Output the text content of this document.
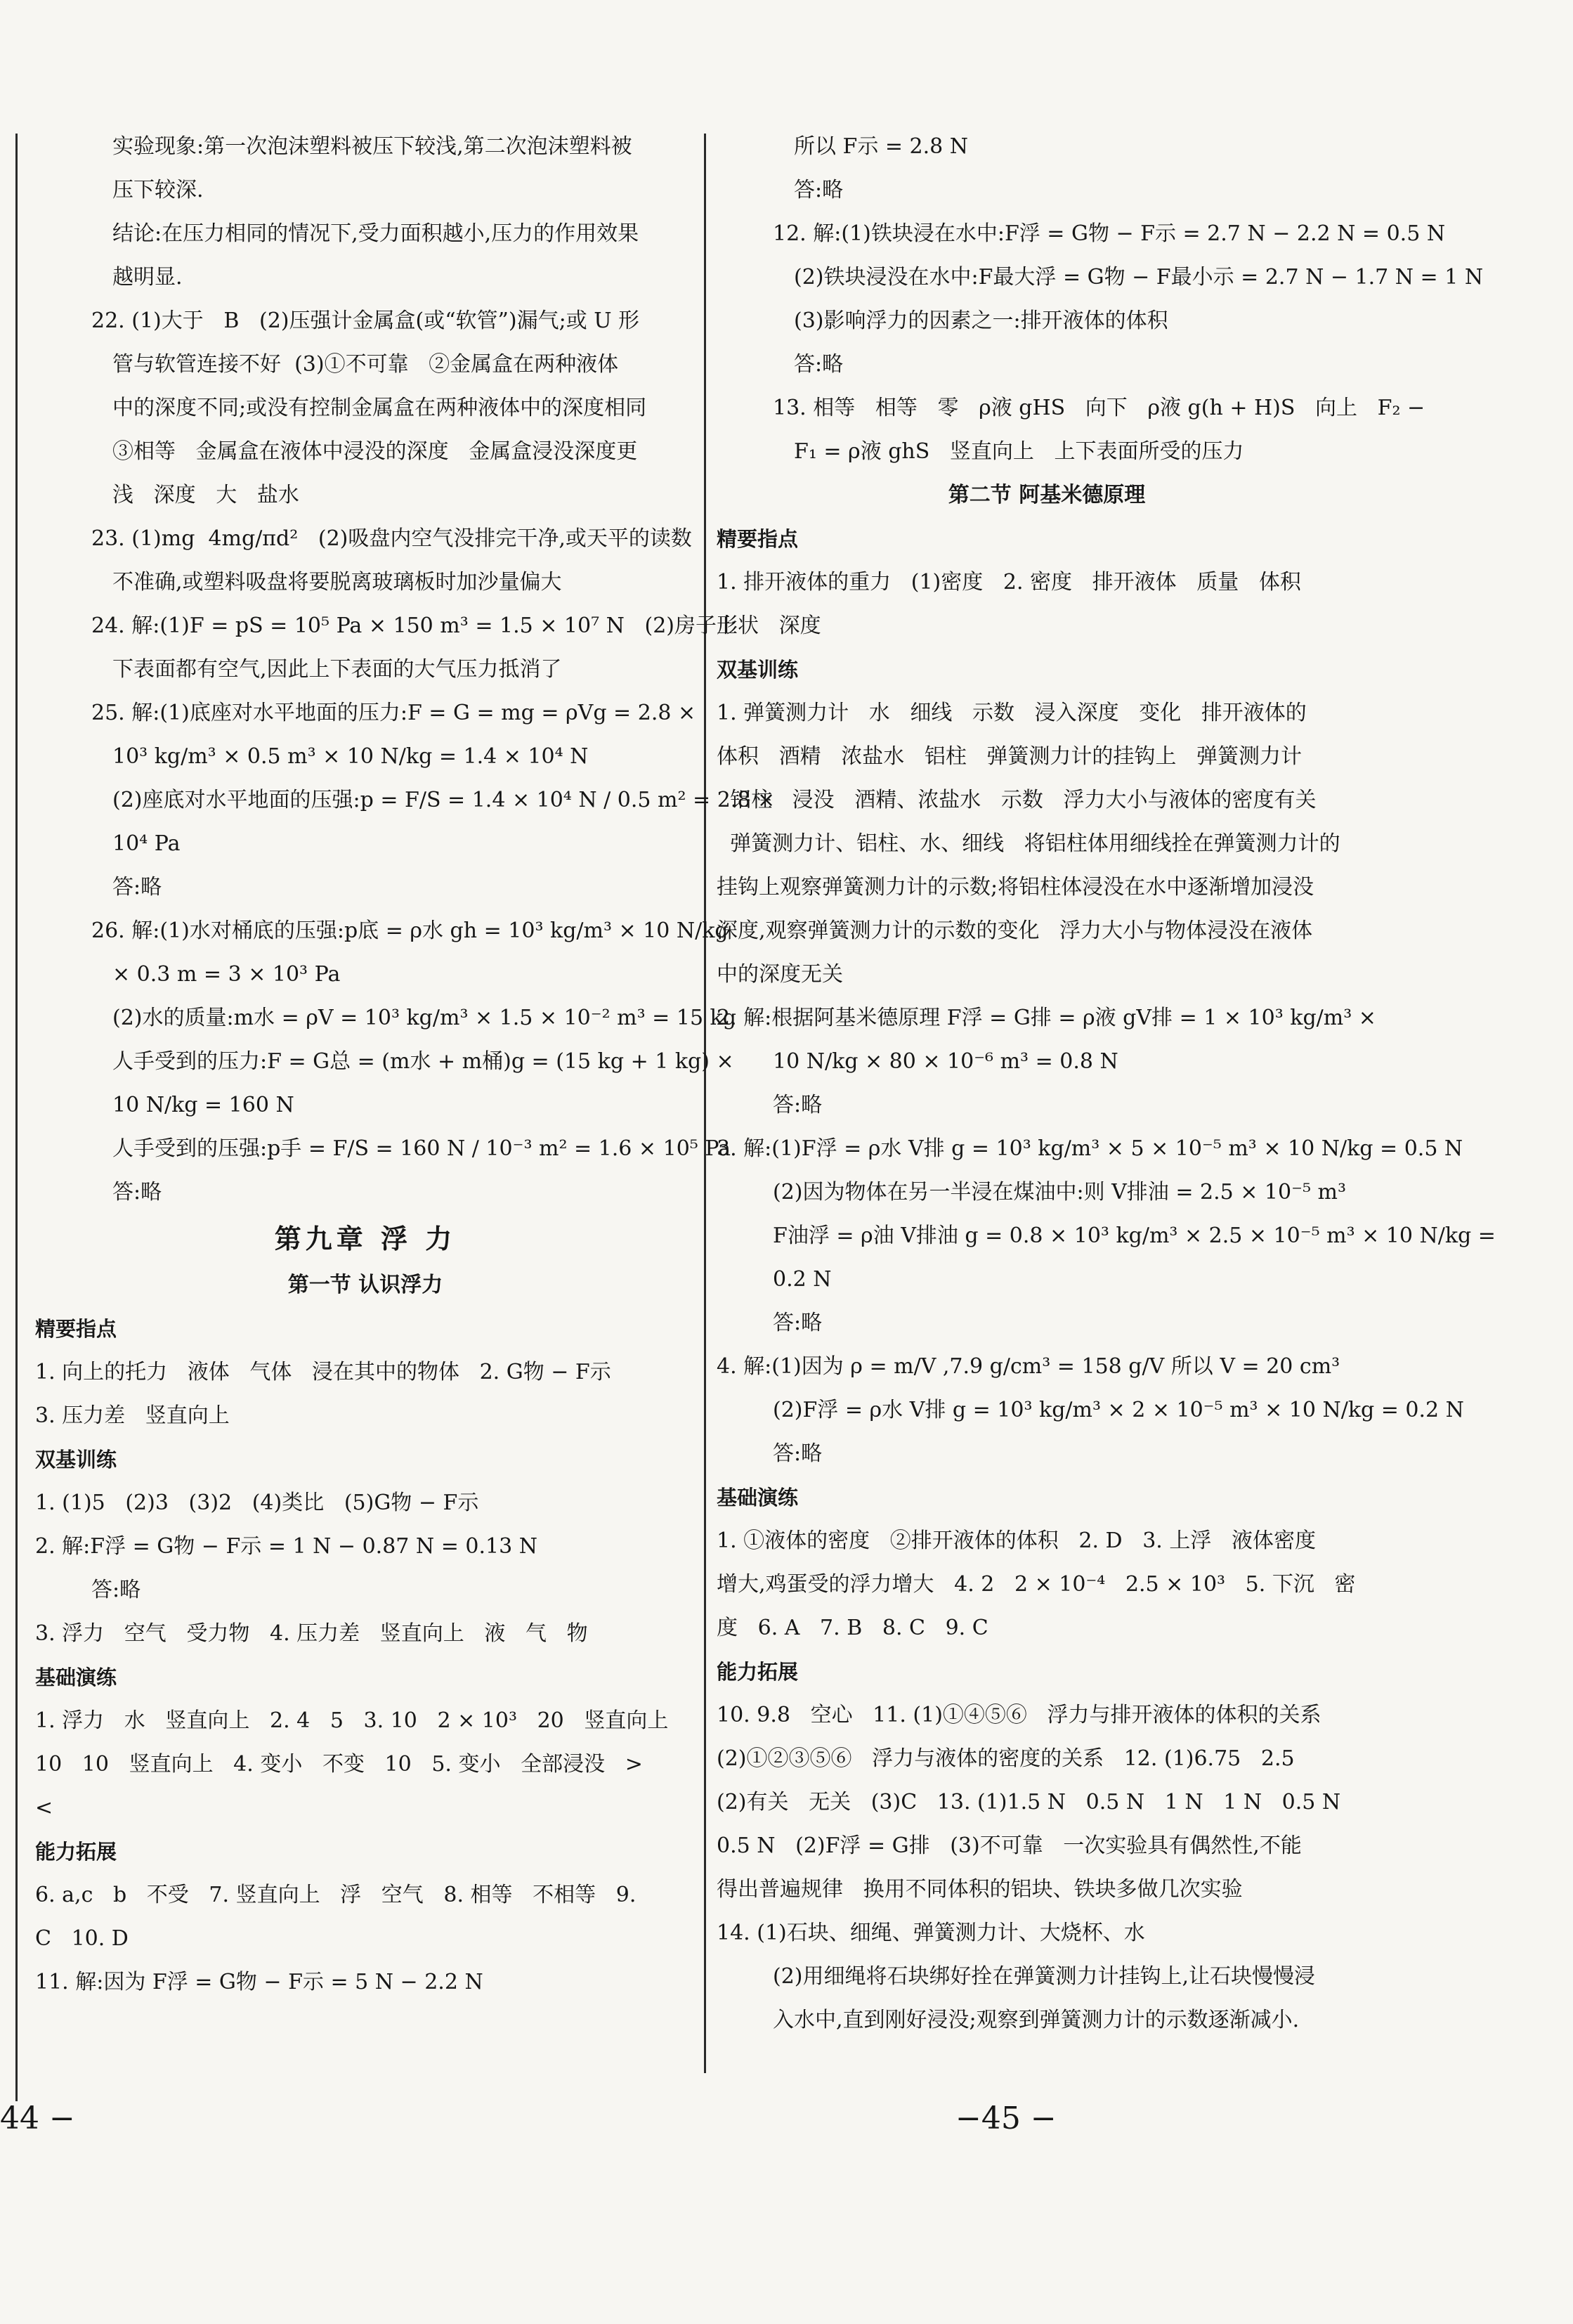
实验现象:第一次泡沫塑料被压下较浅,第二次泡沫塑料被
压下较深.
结论:在压力相同的情况下,受力面积越小,压力的作用效果
越明显.
22. (1)大于   B   (2)压强计金属盒(或“软管”)漏气;或 U 形
管与软管连接不好  (3)①不可靠   ②金属盒在两种液体
中的深度不同;或没有控制金属盒在两种液体中的深度相同
③相等   金属盒在液体中浸没的深度   金属盒浸没深度更
浅   深度   大   盐水
23. (1)mg  4mg/πd²   (2)吸盘内空气没排完干净,或天平的读数
不准确,或塑料吸盘将要脱离玻璃板时加沙量偏大
24. 解:(1)F = pS = 10⁵ Pa × 150 m³ = 1.5 × 10⁷ N   (2)房子上
下表面都有空气,因此上下表面的大气压力抵消了
25. 解:(1)底座对水平地面的压力:F = G = mg = ρVg = 2.8 ×
10³ kg/m³ × 0.5 m³ × 10 N/kg = 1.4 × 10⁴ N
(2)座底对水平地面的压强:p = F/S = 1.4 × 10⁴ N / 0.5 m² = 2.8 ×
10⁴ Pa
答:略
26. 解:(1)水对桶底的压强:p底 = ρ水 gh = 10³ kg/m³ × 10 N/kg
× 0.3 m = 3 × 10³ Pa
(2)水的质量:m水 = ρV = 10³ kg/m³ × 1.5 × 10⁻² m³ = 15 kg
人手受到的压力:F = G总 = (m水 + m桶)g = (15 kg + 1 kg) ×
10 N/kg = 160 N
人手受到的压强:p手 = F/S = 160 N / 10⁻³ m² = 1.6 × 10⁵ Pa
答:略
第九章 浮 力
第一节 认识浮力
精要指点
1. 向上的托力   液体   气体   浸在其中的物体   2. G物 − F示
3. 压力差   竖直向上
双基训练
1. (1)5   (2)3   (3)2   (4)类比   (5)G物 − F示
2. 解:F浮 = G物 − F示 = 1 N − 0.87 N = 0.13 N
答:略
3. 浮力   空气   受力物   4. 压力差   竖直向上   液   气   物
基础演练
1. 浮力   水   竖直向上   2. 4   5   3. 10   2 × 10³   20   竖直向上
10   10   竖直向上   4. 变小   不变   10   5. 变小   全部浸没   >
<
能力拓展
6. a,c   b   不受   7. 竖直向上   浮   空气   8. 相等   不相等   9.
C   10. D
11. 解:因为 F浮 = G物 − F示 = 5 N − 2.2 N
所以 F示 = 2.8 N
答:略
12. 解:(1)铁块浸在水中:F浮 = G物 − F示 = 2.7 N − 2.2 N = 0.5 N
(2)铁块浸没在水中:F最大浮 = G物 − F最小示 = 2.7 N − 1.7 N = 1 N
(3)影响浮力的因素之一:排开液体的体积
答:略
13. 相等   相等   零   ρ液 gHS   向下   ρ液 g(h + H)S   向上   F₂ −
F₁ = ρ液 ghS   竖直向上   上下表面所受的压力
第二节 阿基米德原理
精要指点
1. 排开液体的重力   (1)密度   2. 密度   排开液体   质量   体积
形状   深度
双基训练
1. 弹簧测力计   水   细线   示数   浸入深度   变化   排开液体的
体积   酒精   浓盐水   铝柱   弹簧测力计的挂钩上   弹簧测力计
铝柱   浸没   酒精、浓盐水   示数   浮力大小与液体的密度有关
弹簧测力计、铝柱、水、细线   将铝柱体用细线拴在弹簧测力计的
挂钩上观察弹簧测力计的示数;将铝柱体浸没在水中逐渐增加浸没
深度,观察弹簧测力计的示数的变化   浮力大小与物体浸没在液体
中的深度无关
2. 解:根据阿基米德原理 F浮 = G排 = ρ液 gV排 = 1 × 10³ kg/m³ ×
10 N/kg × 80 × 10⁻⁶ m³ = 0.8 N
答:略
3. 解:(1)F浮 = ρ水 V排 g = 10³ kg/m³ × 5 × 10⁻⁵ m³ × 10 N/kg = 0.5 N
(2)因为物体在另一半浸在煤油中:则 V排油 = 2.5 × 10⁻⁵ m³
F油浮 = ρ油 V排油 g = 0.8 × 10³ kg/m³ × 2.5 × 10⁻⁵ m³ × 10 N/kg =
0.2 N
答:略
4. 解:(1)因为 ρ = m/V ,7.9 g/cm³ = 158 g/V 所以 V = 20 cm³
(2)F浮 = ρ水 V排 g = 10³ kg/m³ × 2 × 10⁻⁵ m³ × 10 N/kg = 0.2 N
答:略
基础演练
1. ①液体的密度   ②排开液体的体积   2. D   3. 上浮   液体密度
增大,鸡蛋受的浮力增大   4. 2   2 × 10⁻⁴   2.5 × 10³   5. 下沉   密
度   6. A   7. B   8. C   9. C
能力拓展
10. 9.8   空心   11. (1)①④⑤⑥   浮力与排开液体的体积的关系
(2)①②③⑤⑥   浮力与液体的密度的关系   12. (1)6.75   2.5
(2)有关   无关   (3)C   13. (1)1.5 N   0.5 N   1 N   1 N   0.5 N
0.5 N   (2)F浮 = G排   (3)不可靠   一次实验具有偶然性,不能
得出普遍规律   换用不同体积的铝块、铁块多做几次实验
14. (1)石块、细绳、弹簧测力计、大烧杯、水
(2)用细绳将石块绑好拴在弹簧测力计挂钩上,让石块慢慢浸
入水中,直到刚好浸没;观察到弹簧测力计的示数逐渐减小.
44 −	−45 −
